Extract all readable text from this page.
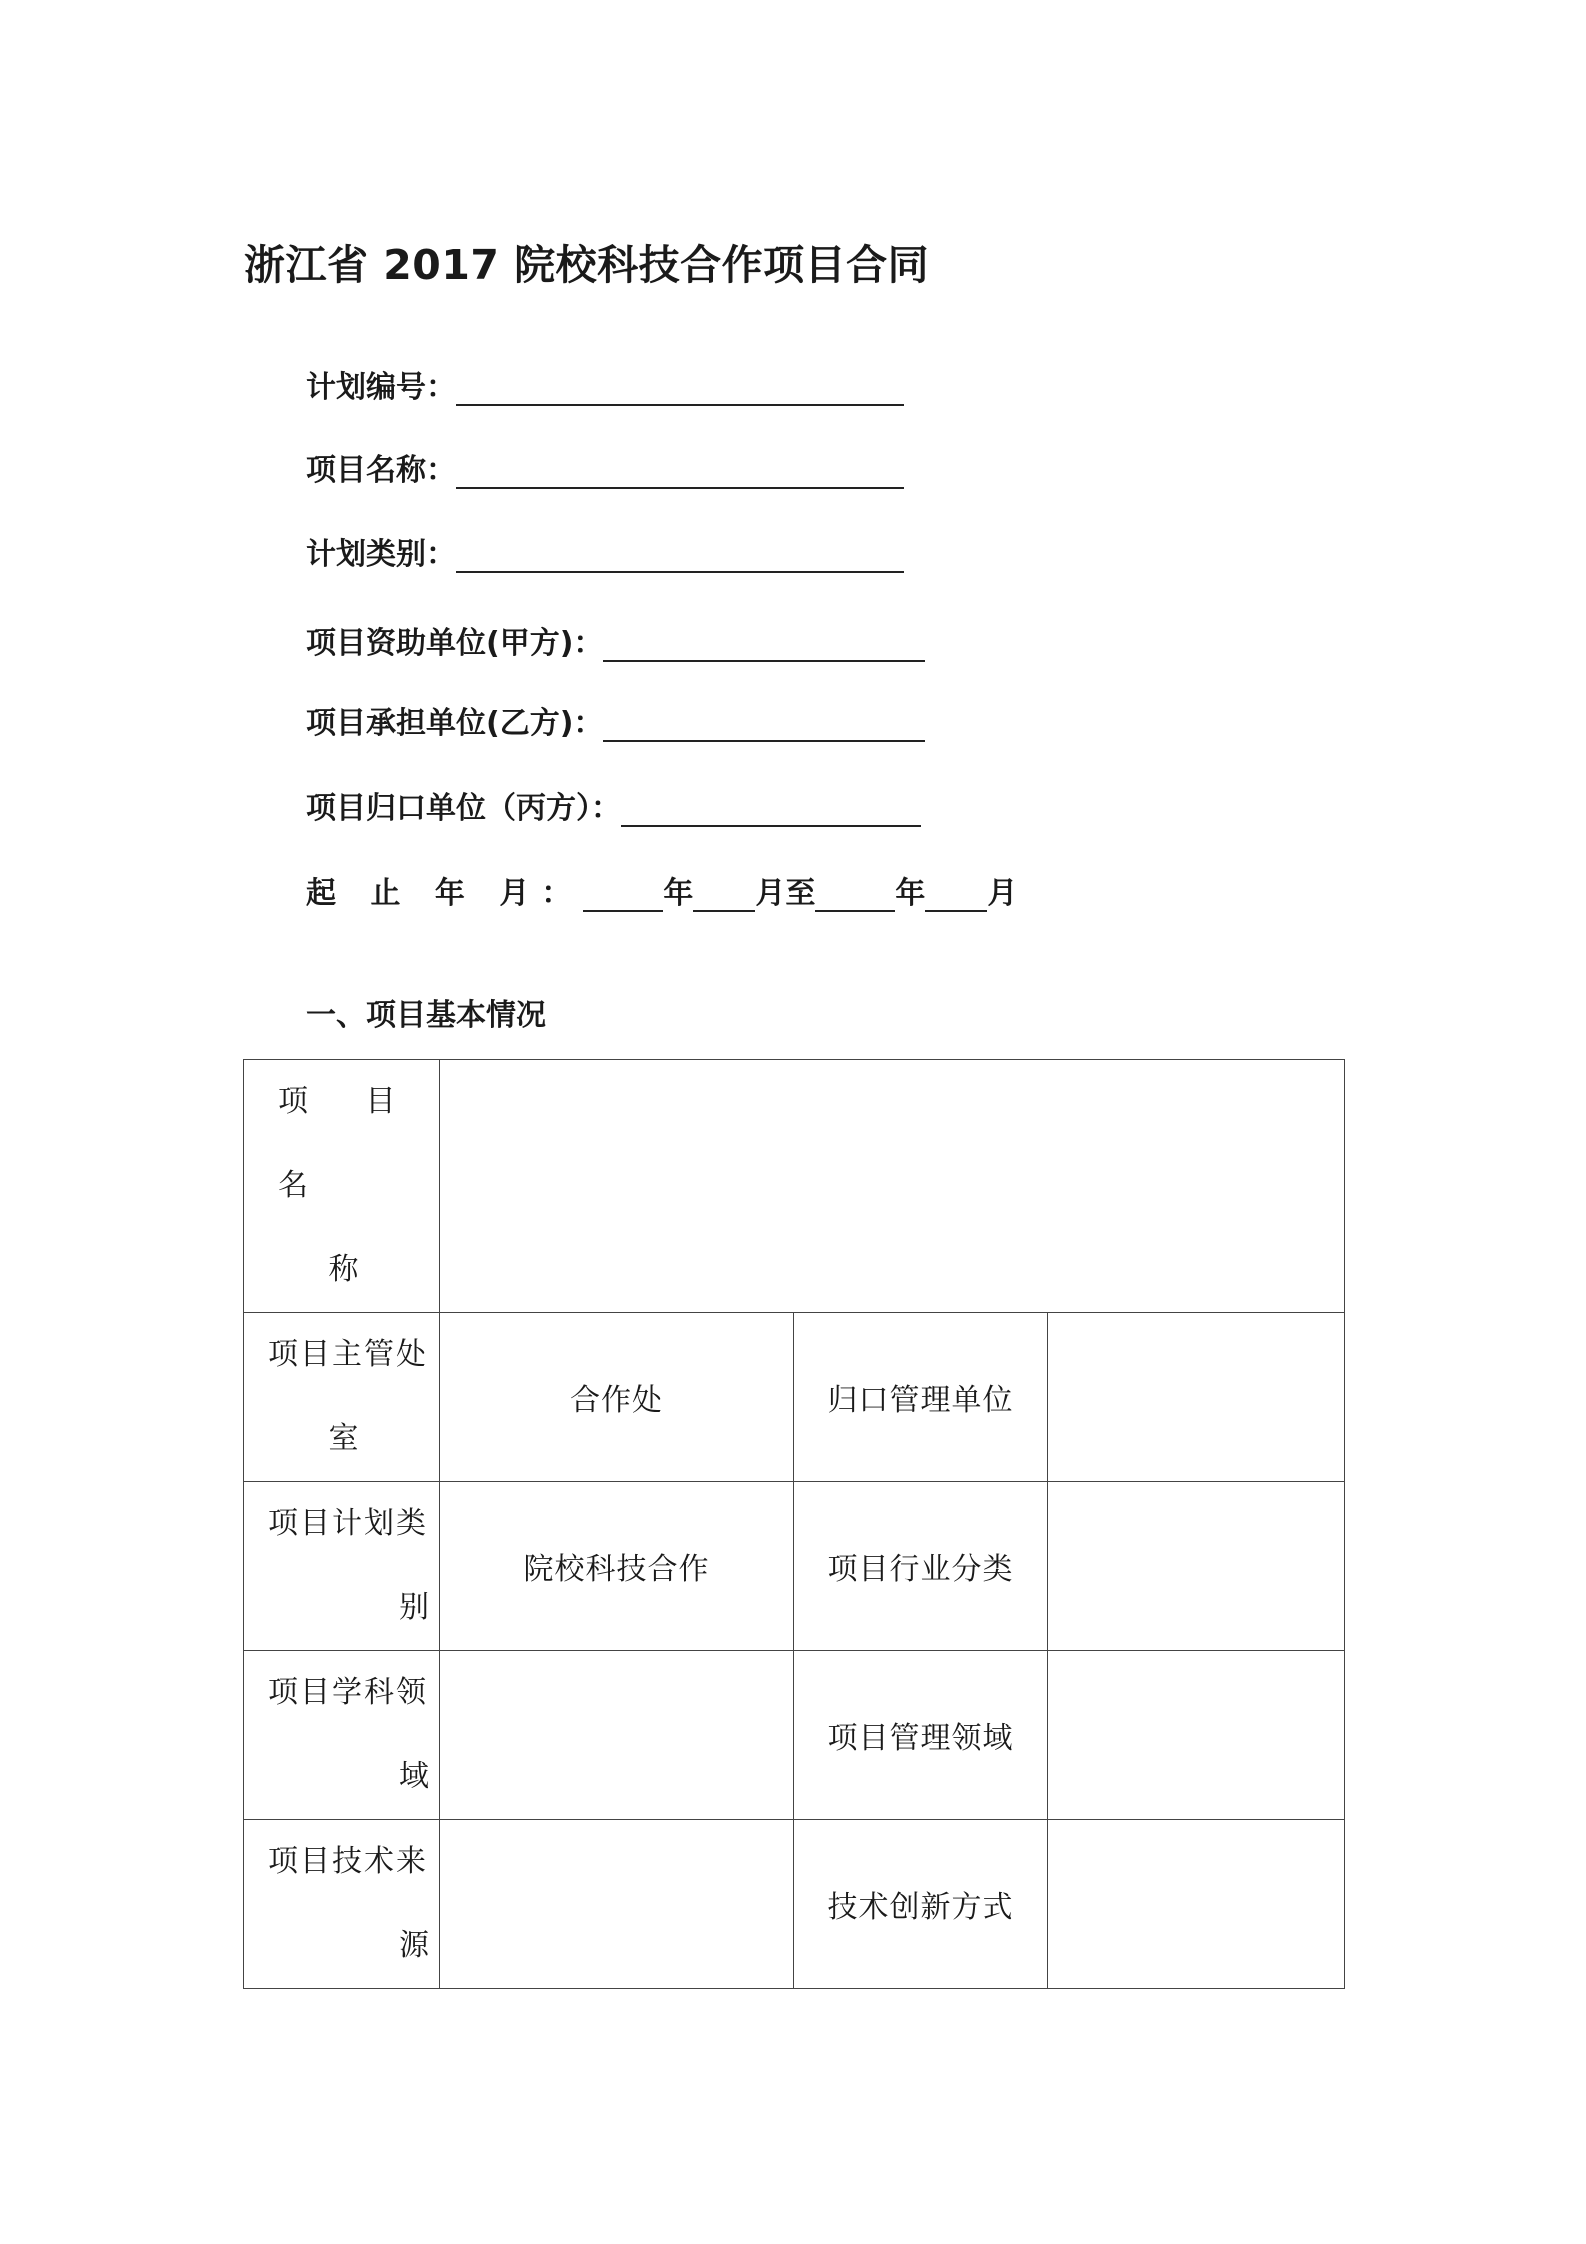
浙江省 2017 院校科技合作项目合同
计划编号：
项目名称：
计划类别：
项目资助单位(甲方)：
项目承担单位(乙方)：
项目归口单位（丙方）：
起 止 年 月：	年 月至	年 月
一、项目基本情况
项 目 名
称			

项目主管处
室	合作处	归口管理单位	

项目计划类
别	院校科技合作	项目行业分类	

项目学科领
域		项目管理领域	

项目技术来
源		技术创新方式	
